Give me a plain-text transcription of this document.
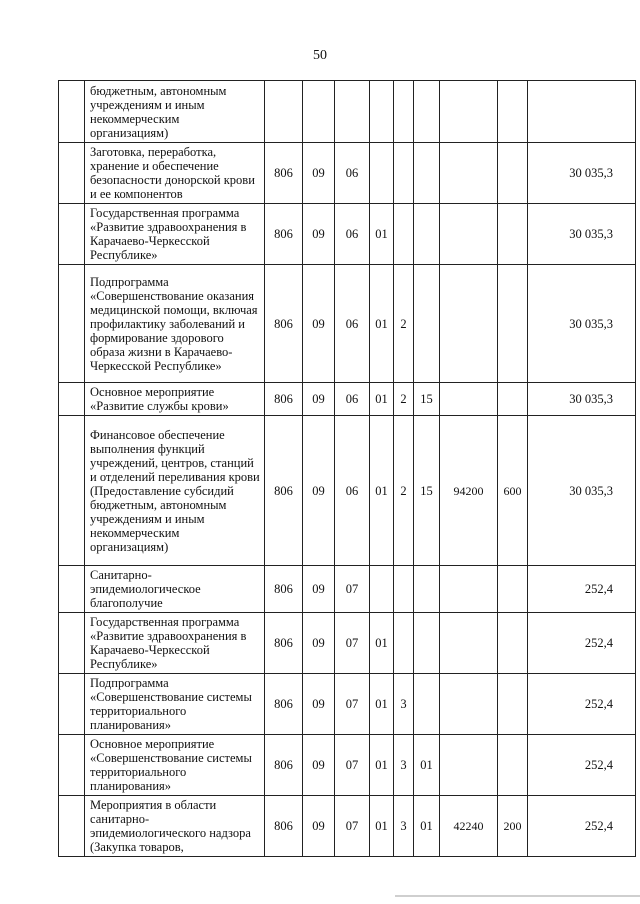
50
	бюджетным, автономным учреждениям и иным некоммерческим организациям)									
	Заготовка, переработка, хранение и обеспечение безопасности донорской крови и ее компонентов	806	09	06						30 035,3
	Государственная программа «Развитие здравоохранения в Карачаево-Черкесской Республике»	806	09	06	01					30 035,3
	Подпрограмма «Совершенствование оказания медицинской помощи, включая профилактику заболеваний и формирование здорового образа жизни в Карачаево-Черкесской Республике»	806	09	06	01	2				30 035,3
	Основное мероприятие «Развитие службы крови»	806	09	06	01	2	15			30 035,3
	Финансовое обеспечение выполнения функций учреждений, центров, станций и отделений переливания крови (Предоставление субсидий бюджетным, автономным учреждениям и иным некоммерческим организациям)	806	09	06	01	2	15	94200	600	30 035,3
	Санитарно-эпидемиологическое благополучие	806	09	07						252,4
	Государственная программа «Развитие здравоохранения в Карачаево-Черкесской Республике»	806	09	07	01					252,4
	Подпрограмма «Совершенствование системы территориального планирования»	806	09	07	01	3				252,4
	Основное мероприятие «Совершенствование системы территориального планирования»	806	09	07	01	3	01			252,4
	Мероприятия в области санитарно-эпидемиологического надзора (Закупка товаров,	806	09	07	01	3	01	42240	200	252,4
